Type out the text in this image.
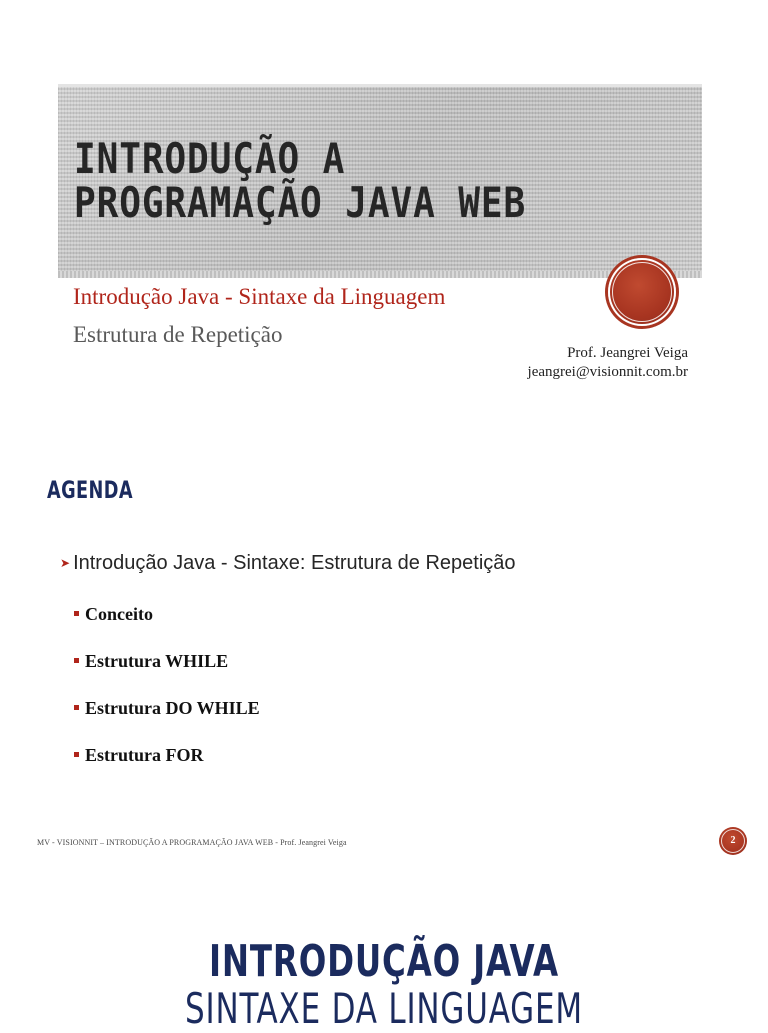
INTRODUÇÃO A PROGRAMAÇÃO JAVA WEB
Introdução Java - Sintaxe da Linguagem
Estrutura de Repetição
Prof. Jeangrei Veiga
jeangrei@visionnit.com.br
AGENDA
➤ Introdução Java - Sintaxe: Estrutura de Repetição
Conceito
Estrutura WHILE
Estrutura DO WHILE
Estrutura FOR
MV - VISIONNIT – INTRODUÇÃO A PROGRAMAÇÃO JAVA WEB - Prof. Jeangrei Veiga	2
INTRODUÇÃO JAVA
SINTAXE DA LINGUAGEM
